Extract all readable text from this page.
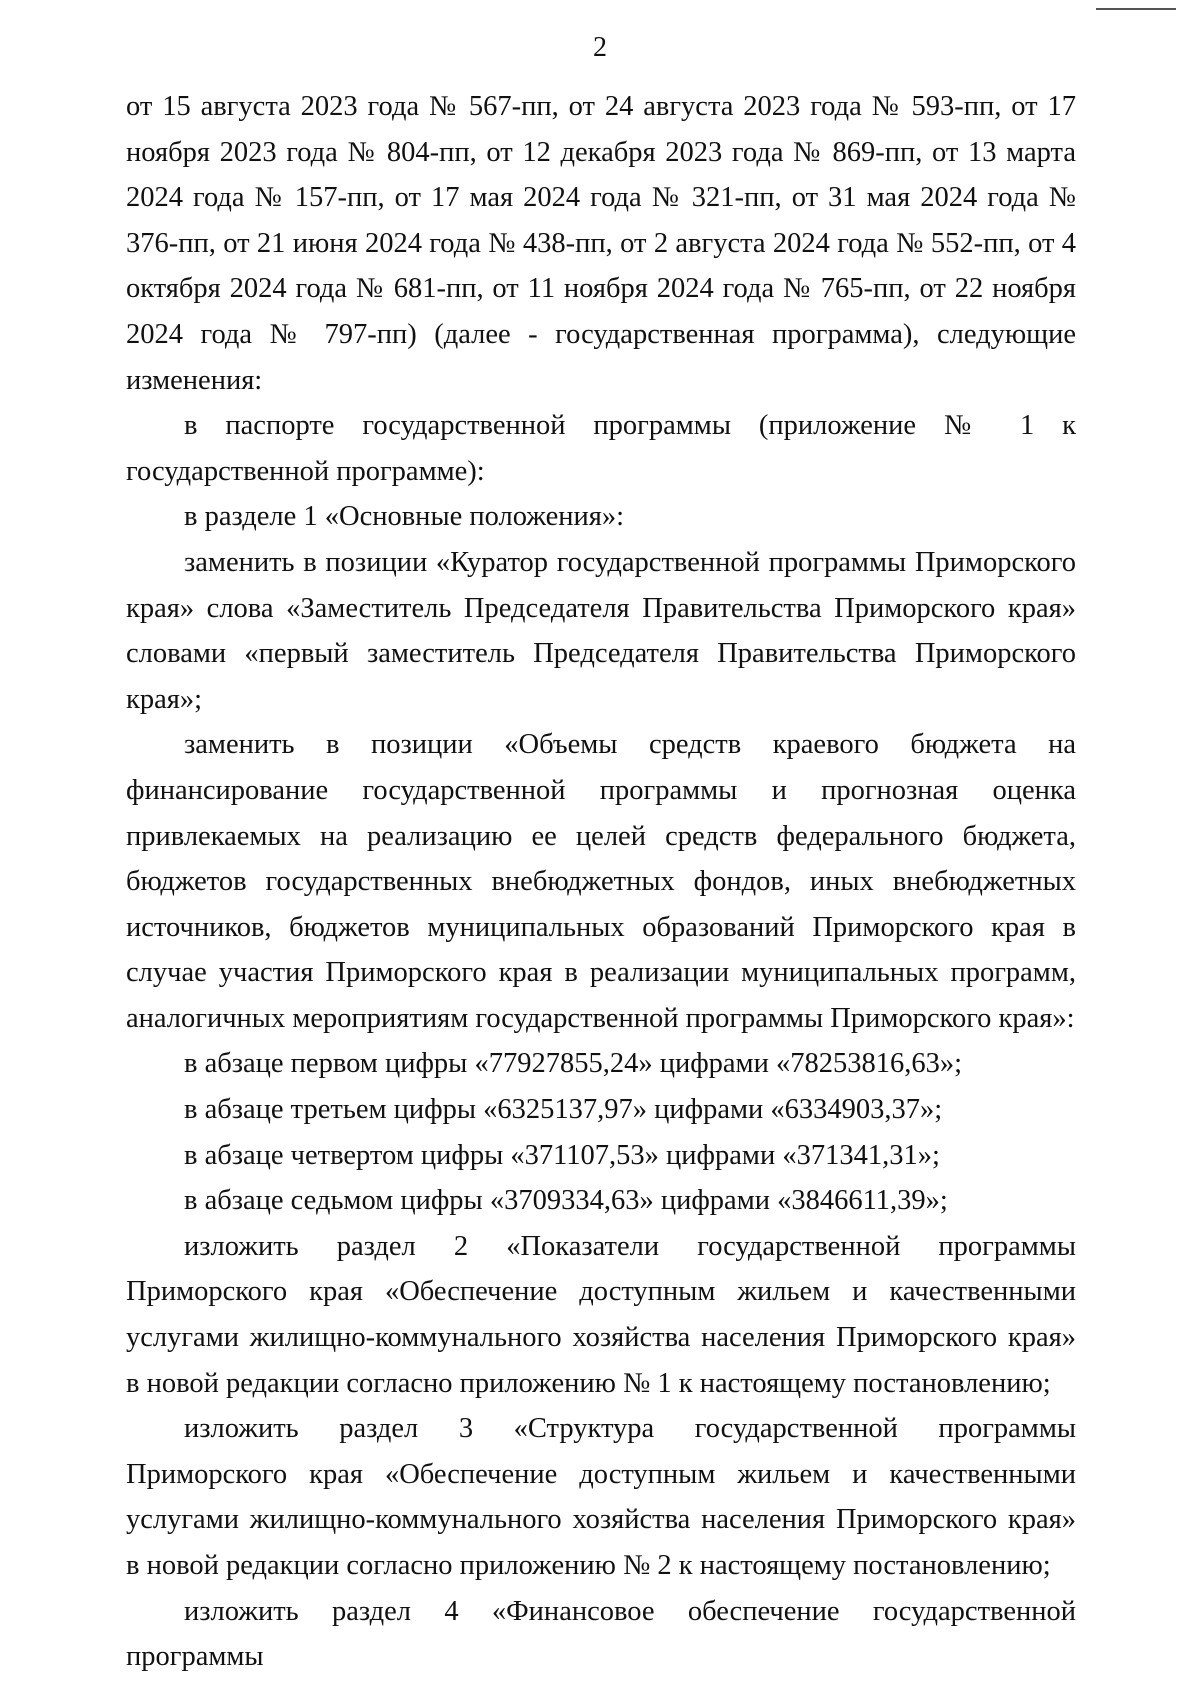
2

от 15 августа 2023 года № 567-пп, от 24 августа 2023 года № 593-пп, от 17 ноября 2023 года № 804-пп, от 12 декабря 2023 года № 869-пп, от 13 марта 2024 года № 157-пп, от 17 мая 2024 года № 321-пп, от 31 мая 2024 года № 376-пп, от 21 июня 2024 года № 438-пп, от 2 августа 2024 года № 552-пп, от 4 октября 2024 года № 681-пп, от 11 ноября 2024 года № 765-пп, от 22 ноября 2024 года № 797-пп) (далее - государственная программа), следующие изменения:

в паспорте государственной программы (приложение № 1 к государственной программе):

в разделе 1 «Основные положения»:

заменить в позиции «Куратор государственной программы Приморского края» слова «Заместитель Председателя Правительства Приморского края» словами «первый заместитель Председателя Правительства Приморского края»;

заменить в позиции «Объемы средств краевого бюджета на финансирование государственной программы и прогнозная оценка привлекаемых на реализацию ее целей средств федерального бюджета, бюджетов государственных внебюджетных фондов, иных внебюджетных источников, бюджетов муниципальных образований Приморского края в случае участия Приморского края в реализации муниципальных программ, аналогичных мероприятиям государственной программы Приморского края»:

в абзаце первом цифры «77927855,24» цифрами «78253816,63»;

в абзаце третьем цифры «6325137,97» цифрами «6334903,37»;

в абзаце четвертом цифры «371107,53» цифрами «371341,31»;

в абзаце седьмом цифры «3709334,63» цифрами «3846611,39»;

изложить раздел 2 «Показатели государственной программы Приморского края «Обеспечение доступным жильем и качественными услугами жилищно-коммунального хозяйства населения Приморского края» в новой редакции согласно приложению № 1 к настоящему постановлению;

изложить раздел 3 «Структура государственной программы Приморского края «Обеспечение доступным жильем и качественными услугами жилищно-коммунального хозяйства населения Приморского края» в новой редакции согласно приложению № 2 к настоящему постановлению;

изложить раздел 4 «Финансовое обеспечение государственной программы
